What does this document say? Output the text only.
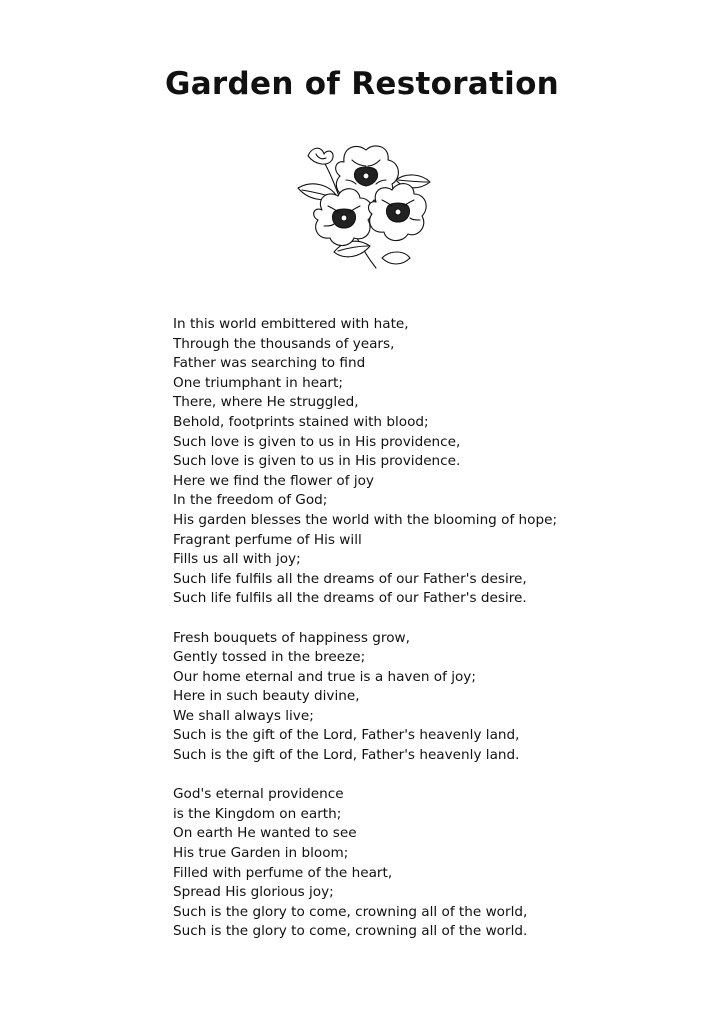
Garden of Restoration
In this world embittered with hate,
Through the thousands of years,
Father was searching to find
One triumphant in heart;
There, where He struggled,
Behold, footprints stained with blood;
Such love is given to us in His providence,
Such love is given to us in His providence.
Here we find the flower of joy
In the freedom of God;
His garden blesses the world with the blooming of hope;
Fragrant perfume of His will
Fills us all with joy;
Such life fulfils all the dreams of our Father's desire,
Such life fulfils all the dreams of our Father's desire.
Fresh bouquets of happiness grow,
Gently tossed in the breeze;
Our home eternal and true is a haven of joy;
Here in such beauty divine,
We shall always live;
Such is the gift of the Lord, Father's heavenly land,
Such is the gift of the Lord, Father's heavenly land.
God's eternal providence
is the Kingdom on earth;
On earth He wanted to see
His true Garden in bloom;
Filled with perfume of the heart,
Spread His glorious joy;
Such is the glory to come, crowning all of the world,
Such is the glory to come, crowning all of the world.
